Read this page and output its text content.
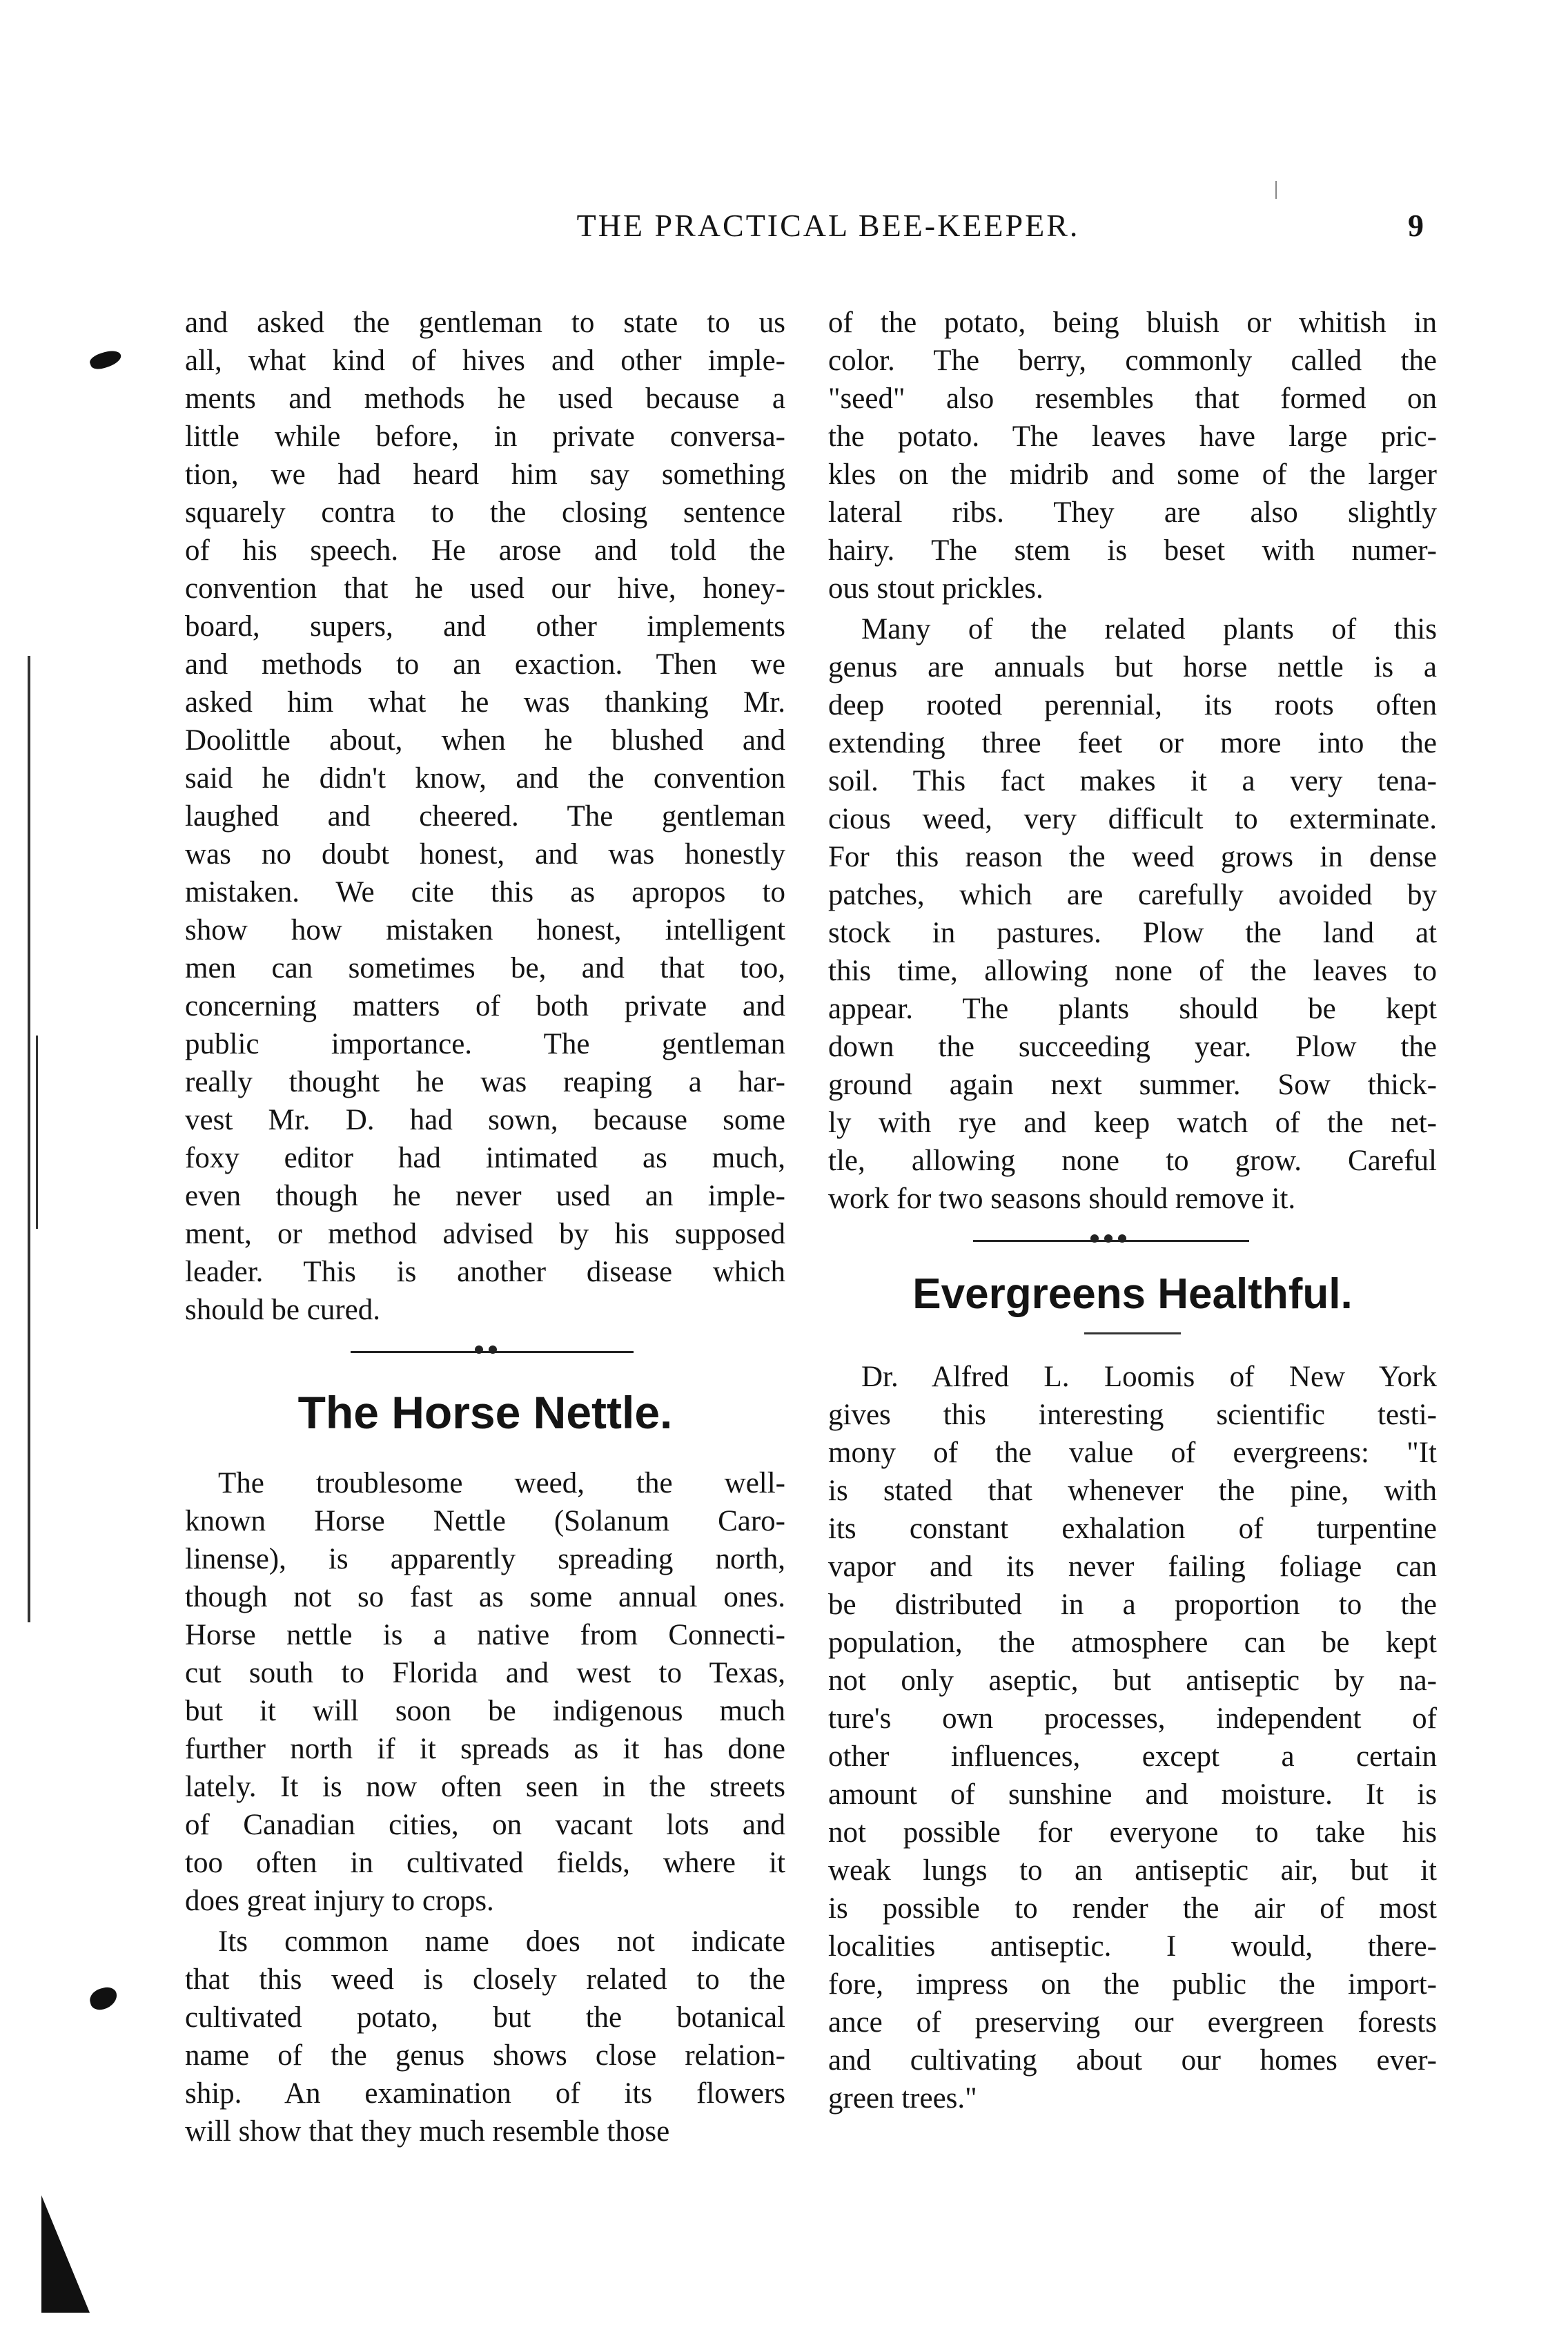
THE PRACTICAL BEE-KEEPER.	9
and asked the gentleman to state to us
all, what kind of hives and other imple-
ments and methods he used because a
little while before, in private conversa-
tion, we had heard him say something
squarely contra to the closing sentence
of his speech. He arose and told the
convention that he used our hive, honey-
board, supers, and other implements
and methods to an exaction. Then we
asked him what he was thanking Mr.
Doolittle about, when he blushed and
said he didn't know, and the convention
laughed and cheered. The gentleman
was no doubt honest, and was honestly
mistaken. We cite this as apropos to
show how mistaken honest, intelligent
men can sometimes be, and that too,
concerning matters of both private and
public importance. The gentleman
really thought he was reaping a har-
vest Mr. D. had sown, because some
foxy editor had intimated as much,
even though he never used an imple-
ment, or method advised by his supposed
leader. This is another disease which
should be cured.
The Horse Nettle.
The troublesome weed, the well-
known Horse Nettle (Solanum Caro-
linense), is apparently spreading north,
though not so fast as some annual ones.
Horse nettle is a native from Connecti-
cut south to Florida and west to Texas,
but it will soon be indigenous much
further north if it spreads as it has done
lately. It is now often seen in the streets
of Canadian cities, on vacant lots and
too often in cultivated fields, where it
does great injury to crops.
Its common name does not indicate
that this weed is closely related to the
cultivated potato, but the botanical
name of the genus shows close relation-
ship. An examination of its flowers
will show that they much resemble those
of the potato, being bluish or whitish in
color. The berry, commonly called the
"seed" also resembles that formed on
the potato. The leaves have large pric-
kles on the midrib and some of the larger
lateral ribs. They are also slightly
hairy. The stem is beset with numer-
ous stout prickles.
Many of the related plants of this
genus are annuals but horse nettle is a
deep rooted perennial, its roots often
extending three feet or more into the
soil. This fact makes it a very tena-
cious weed, very difficult to exterminate.
For this reason the weed grows in dense
patches, which are carefully avoided by
stock in pastures. Plow the land at
this time, allowing none of the leaves to
appear. The plants should be kept
down the succeeding year. Plow the
ground again next summer. Sow thick-
ly with rye and keep watch of the net-
tle, allowing none to grow. Careful
work for two seasons should remove it.
Evergreens Healthful.
Dr. Alfred L. Loomis of New York
gives this interesting scientific testi-
mony of the value of evergreens: "It
is stated that whenever the pine, with
its constant exhalation of turpentine
vapor and its never failing foliage can
be distributed in a proportion to the
population, the atmosphere can be kept
not only aseptic, but antiseptic by na-
ture's own processes, independent of
other influences, except a certain
amount of sunshine and moisture. It is
not possible for everyone to take his
weak lungs to an antiseptic air, but it
is possible to render the air of most
localities antiseptic. I would, there-
fore, impress on the public the import-
ance of preserving our evergreen forests
and cultivating about our homes ever-
green trees."
